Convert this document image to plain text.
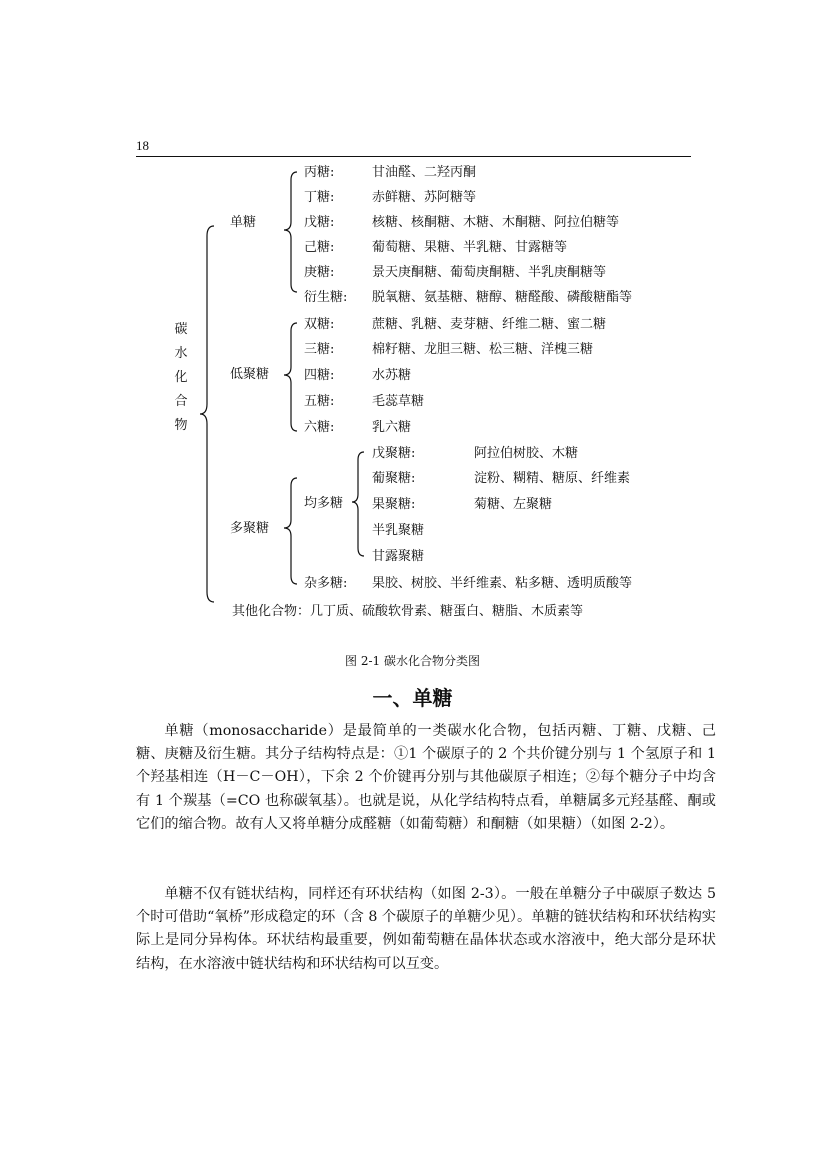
18
碳水化合物
单糖
低聚糖
多聚糖
丙糖:	甘油醛、二羟丙酮
丁糖:	赤鲜糖、苏阿糖等
戊糖:	核糖、核酮糖、木糖、木酮糖、阿拉伯糖等
己糖:	葡萄糖、果糖、半乳糖、甘露糖等
庚糖:	景天庚酮糖、葡萄庚酮糖、半乳庚酮糖等
衍生糖: 脱氧糖、氨基糖、糖醇、糖醛酸、磷酸糖酯等
双糖:	蔗糖、乳糖、麦芽糖、纤维二糖、蜜二糖
三糖:	棉籽糖、龙胆三糖、松三糖、洋槐三糖
四糖:	水苏糖
五糖:	毛蕊草糖
六糖:	乳六糖
均多糖
戊聚糖:	阿拉伯树胶、木糖
葡聚糖:	淀粉、糊精、糖原、纤维素
果聚糖:	菊糖、左聚糖
半乳聚糖
甘露聚糖
杂多糖: 果胶、树胶、半纤维素、粘多糖、透明质酸等
其他化合物：几丁质、硫酸软骨素、糖蛋白、糖脂、木质素等
图 2-1 碳水化合物分类图
一、单糖
单糖（monosaccharide）是最简单的一类碳水化合物，包括丙糖、丁糖、戊糖、己糖、庚糖及衍生糖。其分子结构特点是：①1 个碳原子的 2 个共价键分别与 1 个氢原子和 1 个羟基相连（H－C－OH），下余 2 个价键再分别与其他碳原子相连；②每个糖分子中均含有 1 个羰基（=CO 也称碳氧基）。也就是说，从化学结构特点看，单糖属多元羟基醛、酮或它们的缩合物。故有人又将单糖分成醛糖（如葡萄糖）和酮糖（如果糖）（如图 2-2）。
单糖不仅有链状结构，同样还有环状结构（如图 2-3）。一般在单糖分子中碳原子数达 5 个时可借助“氧桥”形成稳定的环（含 8 个碳原子的单糖少见）。单糖的链状结构和环状结构实际上是同分异构体。环状结构最重要，例如葡萄糖在晶体状态或水溶液中，绝大部分是环状结构，在水溶液中链状结构和环状结构可以互变。
